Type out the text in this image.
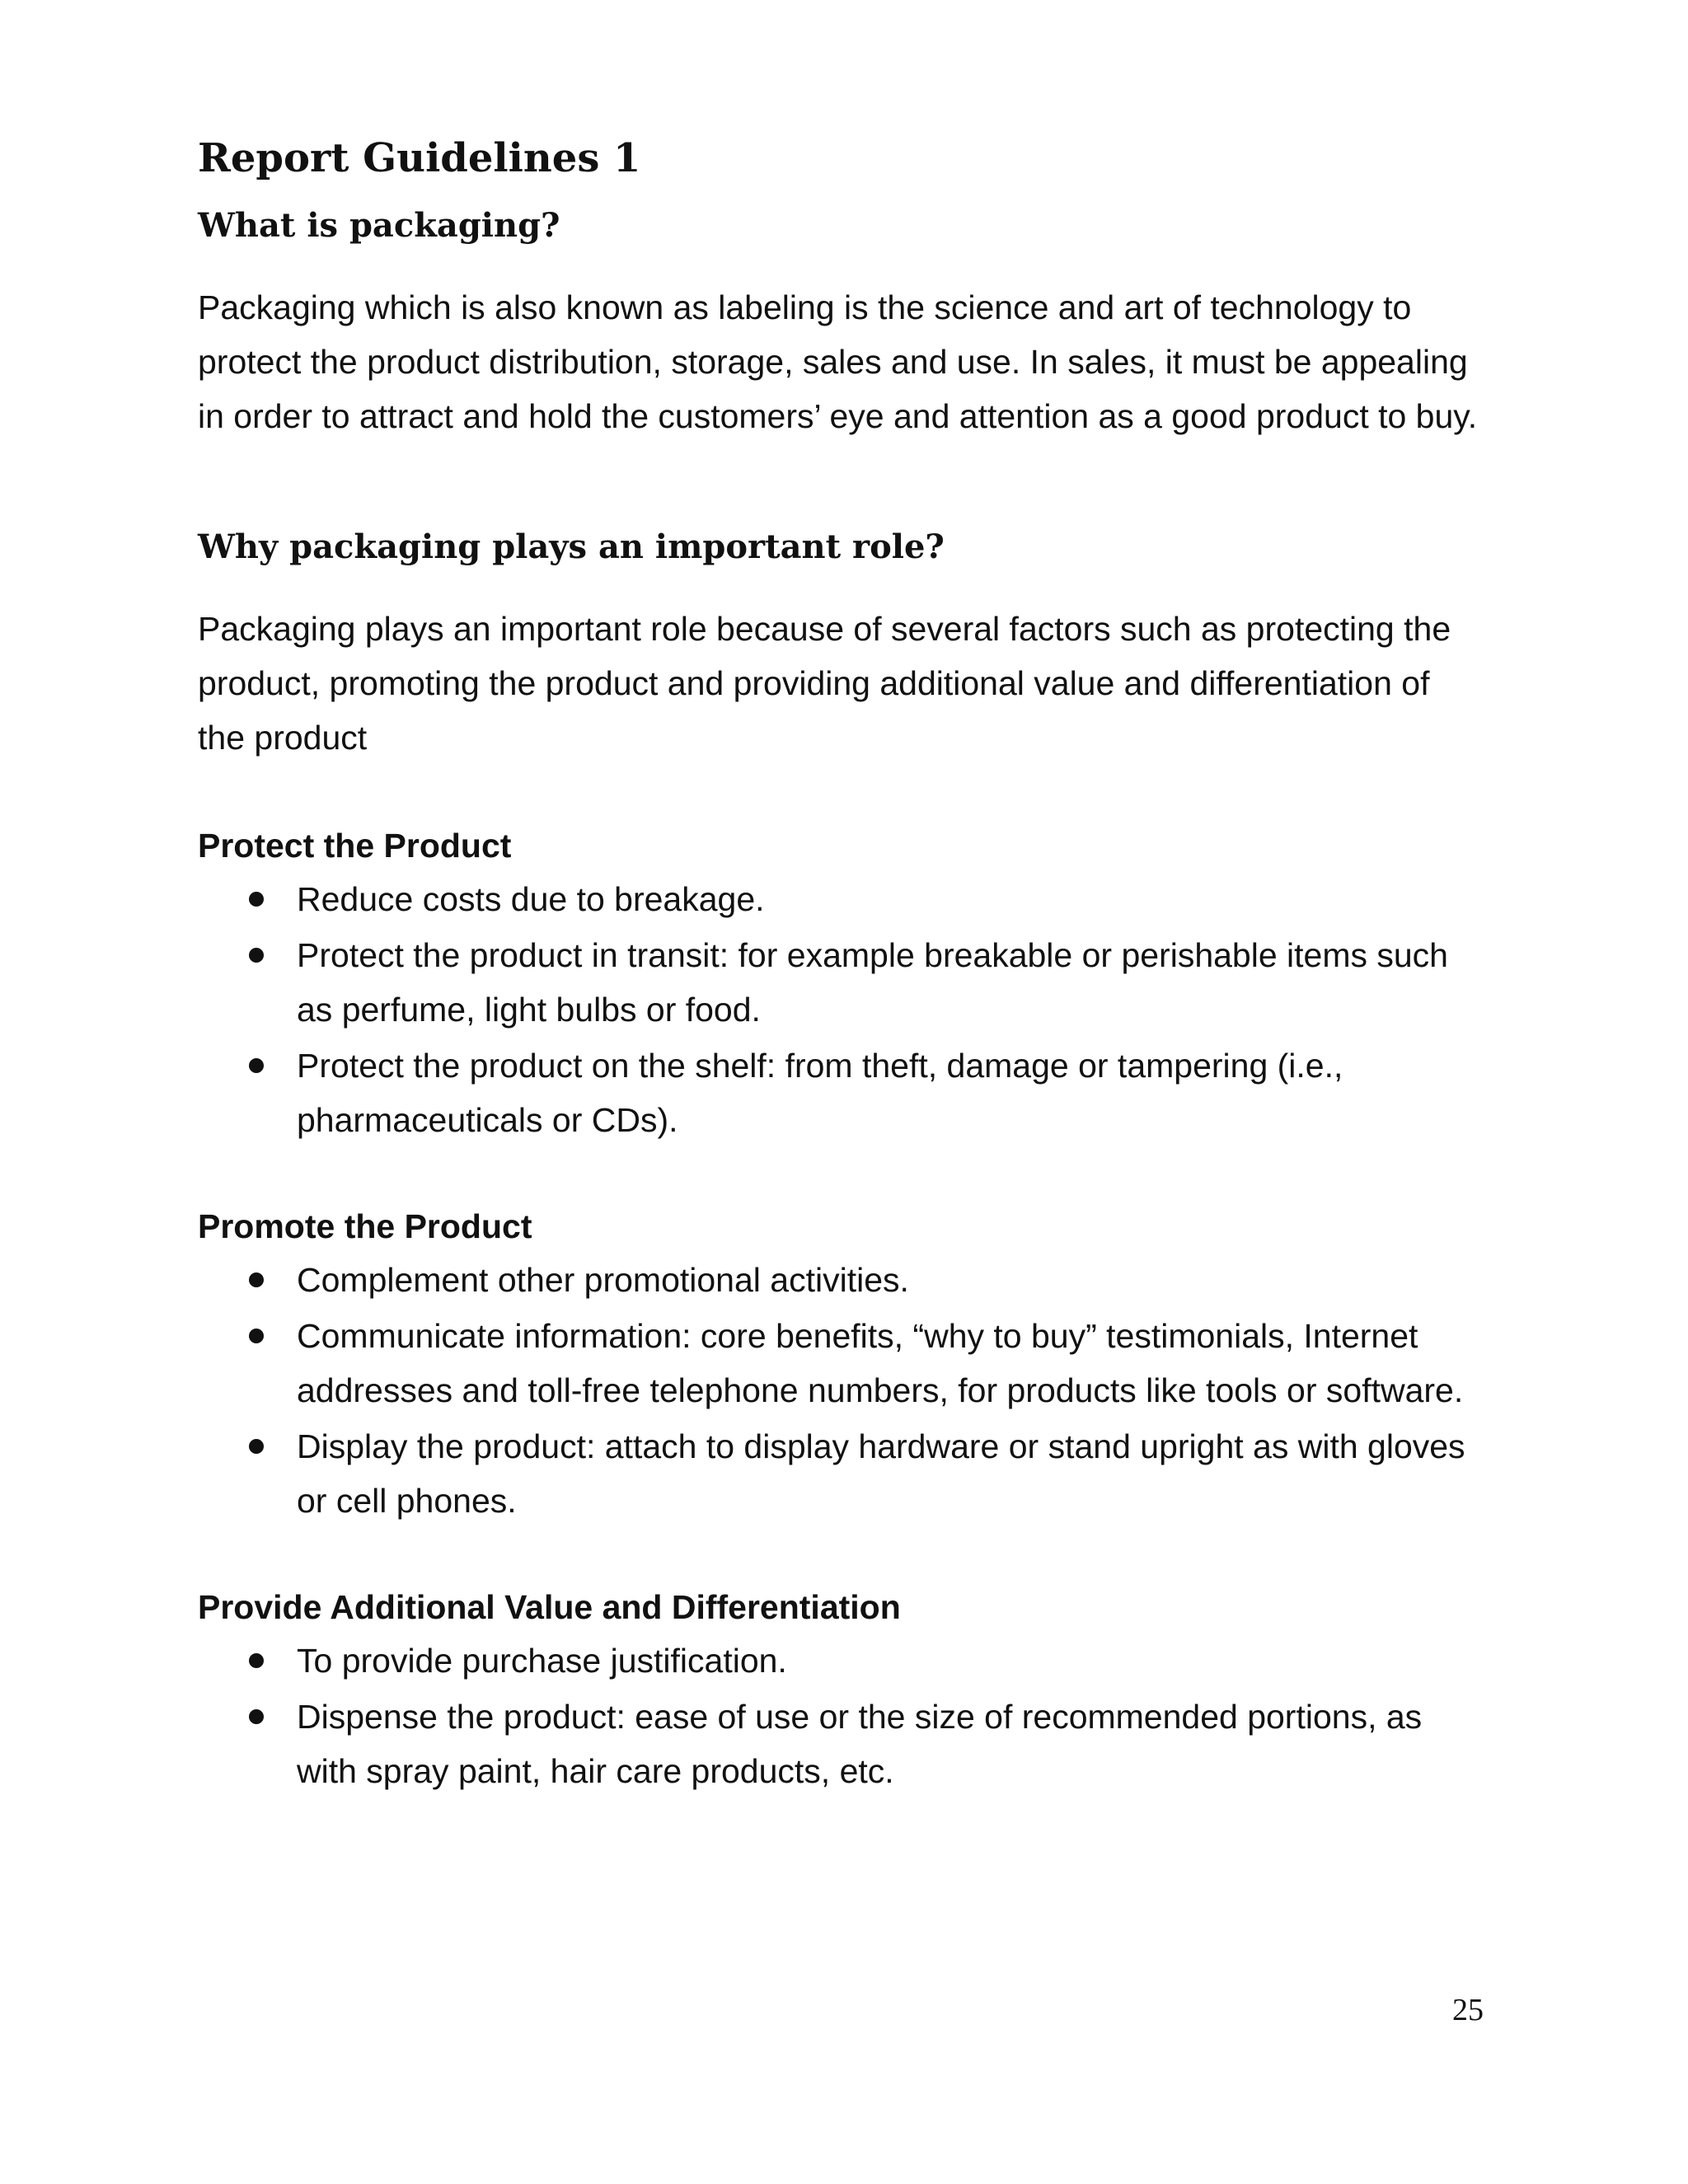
Report Guidelines 1
What is packaging?

Packaging which is also known as labeling is the science and art of technology to protect the product distribution, storage, sales and use. In sales, it must be appealing in order to attract and hold the customers’ eye and attention as a good product to buy.

Why packaging plays an important role?

Packaging plays an important role because of several factors such as protecting the product, promoting the product and providing additional value and differentiation of the product

Protect the Product
Reduce costs due to breakage.
Protect the product in transit: for example breakable or perishable items such as perfume, light bulbs or food.
Protect the product on the shelf: from theft, damage or tampering (i.e., pharmaceuticals or CDs).
Promote the Product
Complement other promotional activities.
Communicate information: core benefits, “why to buy” testimonials, Internet addresses and toll-free telephone numbers, for products like tools or software.
Display the product: attach to display hardware or stand upright as with gloves or cell phones.
Provide Additional Value and Differentiation
To provide purchase justification.
Dispense the product: ease of use or the size of recommended portions, as with spray paint, hair care products, etc.
25
